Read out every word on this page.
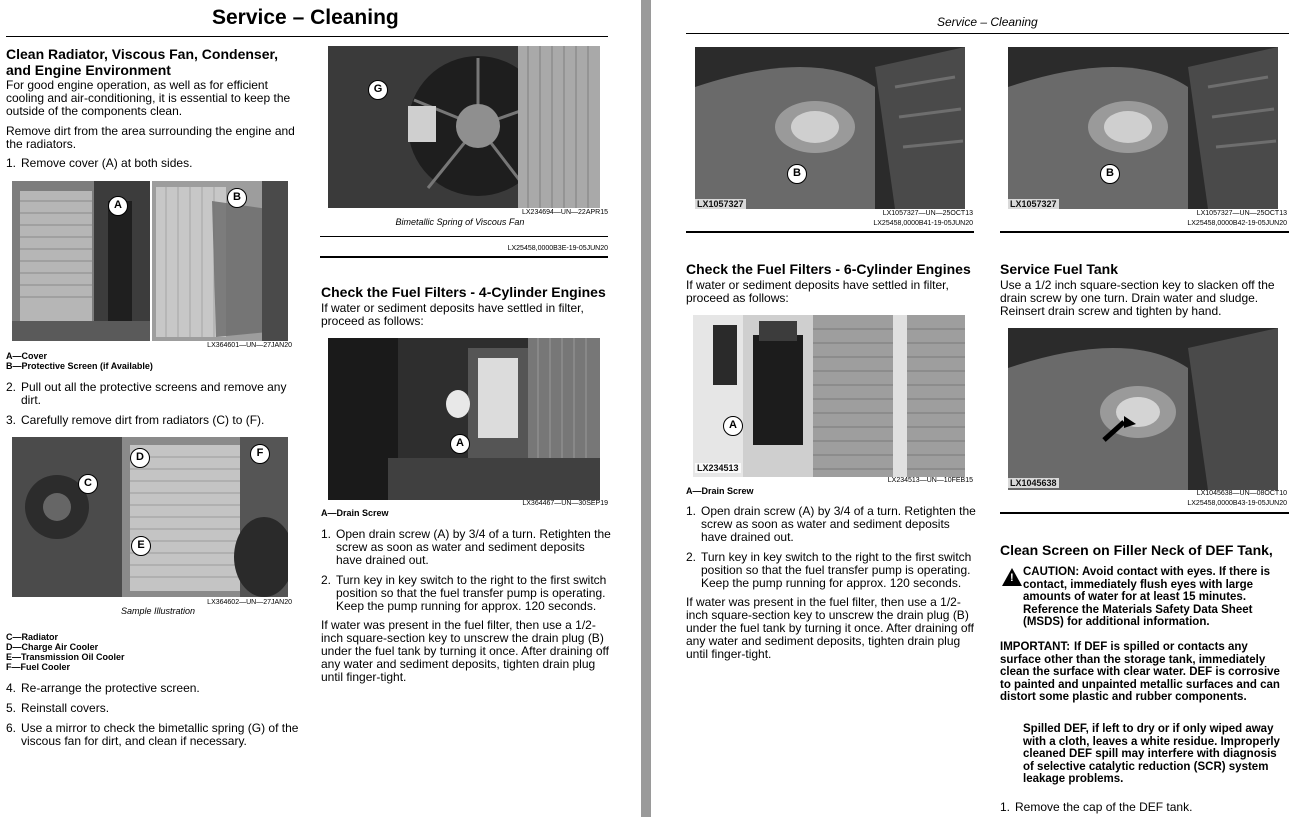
Service – Cleaning
Clean Radiator, Viscous Fan, Condenser, and Engine Environment

For good engine operation, as well as for efficient cooling and air-conditioning, it is essential to keep the outside of the components clean.

Remove dirt from the area surrounding the engine and the radiators.

1. Remove cover (A) at both sides.
A
B
LX364601—UN—27JAN20
A—Cover
B—Protective Screen (if Available)
2. Pull out all the protective screens and remove any dirt.
3. Carefully remove dirt from radiators (C) to (F).
D	F
C
E
LX364602—UN—27JAN20
Sample Illustration
C—Radiator
D—Charge Air Cooler
E—Transmission Oil Cooler
F—Fuel Cooler
4. Re-arrange the protective screen.
5. Reinstall covers.
6. Use a mirror to check the bimetallic spring (G) of the viscous fan for dirt, and clean if necessary.
G
LX234694—UN—22APR15
Bimetallic Spring of Viscous Fan
LX25458,0000B3E-19-05JUN20
Check the Fuel Filters - 4-Cylinder Engines

If water or sediment deposits have settled in filter, proceed as follows:

A
LX364467—UN—30SEP19
A—Drain Screw
1. Open drain screw (A) by 3/4 of a turn. Retighten the screw as soon as water and sediment deposits have drained out.
2. Turn key in key switch to the right to the first switch position so that the fuel transfer pump is operating. Keep the pump running for approx. 120 seconds.

If water was present in the fuel filter, then use a 1/2-inch square-section key to unscrew the drain plug (B) under the fuel tank by turning it once. After draining off any water and sediment deposits, tighten drain plug until finger-tight.

Service – Cleaning
B
LX1057327
LX1057327—UN—25OCT13
LX25458,0000B41-19-05JUN20
B
LX1057327
LX1057327—UN—25OCT13
LX25458,0000B42-19-05JUN20
Check the Fuel Filters - 6-Cylinder Engines

If water or sediment deposits have settled in filter, proceed as follows:

A
LX234513
LX234513—UN—10FEB15
A—Drain Screw
1. Open drain screw (A) by 3/4 of a turn. Retighten the screw as soon as water and sediment deposits have drained out.
2. Turn key in key switch to the right to the first switch position so that the fuel transfer pump is operating. Keep the pump running for approx. 120 seconds.

If water was present in the fuel filter, then use a 1/2-inch square-section key to unscrew the drain plug (B) under the fuel tank by turning it once. After draining off any water and sediment deposits, tighten drain plug until finger-tight.

Service Fuel Tank

Use a 1/2 inch square-section key to slacken off the drain screw by one turn. Drain water and sludge. Reinsert drain screw and tighten by hand.

LX1045638
LX1045638—UN—08OCT10
LX25458,0000B43-19-05JUN20
Clean Screen on Filler Neck of DEF Tank,
! CAUTION: Avoid contact with eyes. If there is contact, immediately flush eyes with large amounts of water for at least 15 minutes. Reference the Materials Safety Data Sheet (MSDS) for additional information.
IMPORTANT: If DEF is spilled or contacts any surface other than the storage tank, immediately clean the surface with clear water. DEF is corrosive to painted and unpainted metallic surfaces and can distort some plastic and rubber components.
Spilled DEF, if left to dry or if only wiped away with a cloth, leaves a white residue. Improperly cleaned DEF spill may interfere with diagnosis of selective catalytic reduction (SCR) system leakage problems.
1. Remove the cap of the DEF tank.
